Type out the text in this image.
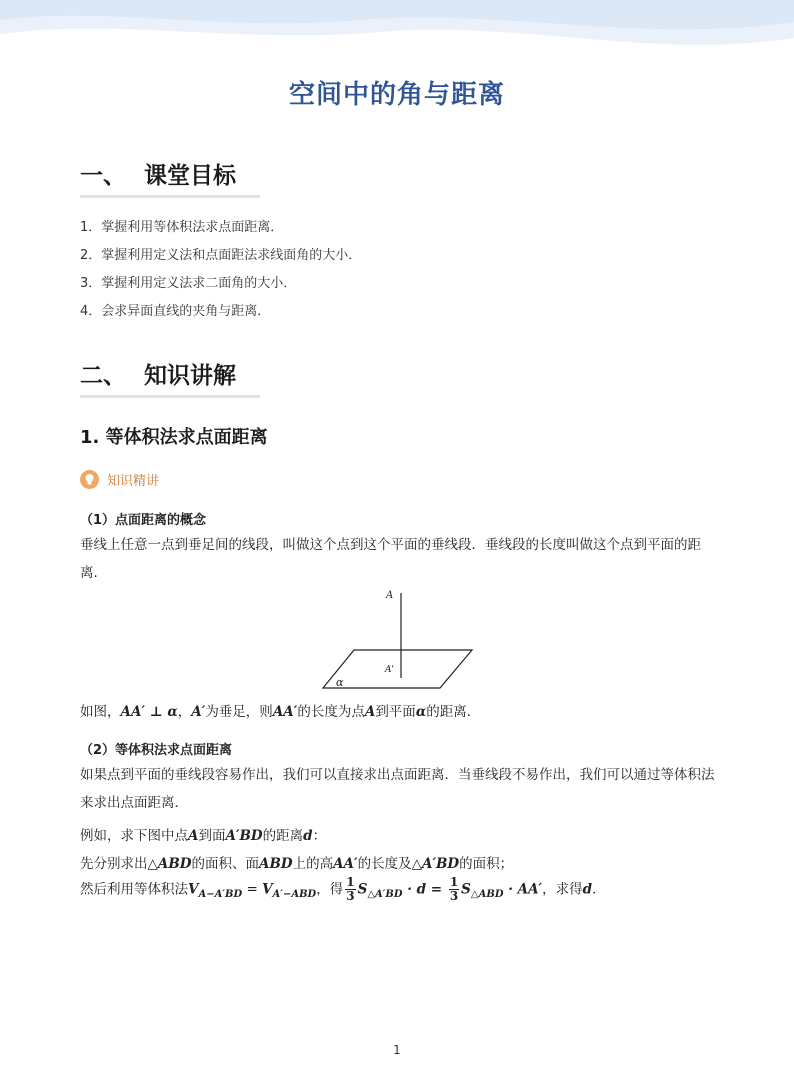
空间中的角与距离
一、 课堂目标
1．掌握利用等体积法求点面距离．
2．掌握利用定义法和点面距法求线面角的大小．
3．掌握利用定义法求二面角的大小．
4．会求异面直线的夹角与距离．
二、 知识讲解
1. 等体积法求点面距离
知识精讲
（1）点面距离的概念
垂线上任意一点到垂足间的线段，叫做这个点到这个平面的垂线段．垂线段的长度叫做这个点到平面的距离．
A
A'
α
如图，AA′ ⊥ α，A′为垂足，则AA′的长度为点A到平面α的距离．
（2）等体积法求点面距离
如果点到平面的垂线段容易作出，我们可以直接求出点面距离．当垂线段不易作出，我们可以通过等体积法来求出点面距离．
例如，求下图中点A到面A′BD的距离d：
先分别求出△ABD的面积、面ABD上的高AA′的长度及△A′BD的面积；
然后利用等体积法$V_{A-A'BD} = V_{A'-ABD}$，得 $\frac{1}{3} S_{\triangle A'BD} \cdot d = \frac{1}{3} S_{\triangle ABD} \cdot AA'$，求得d．
1
